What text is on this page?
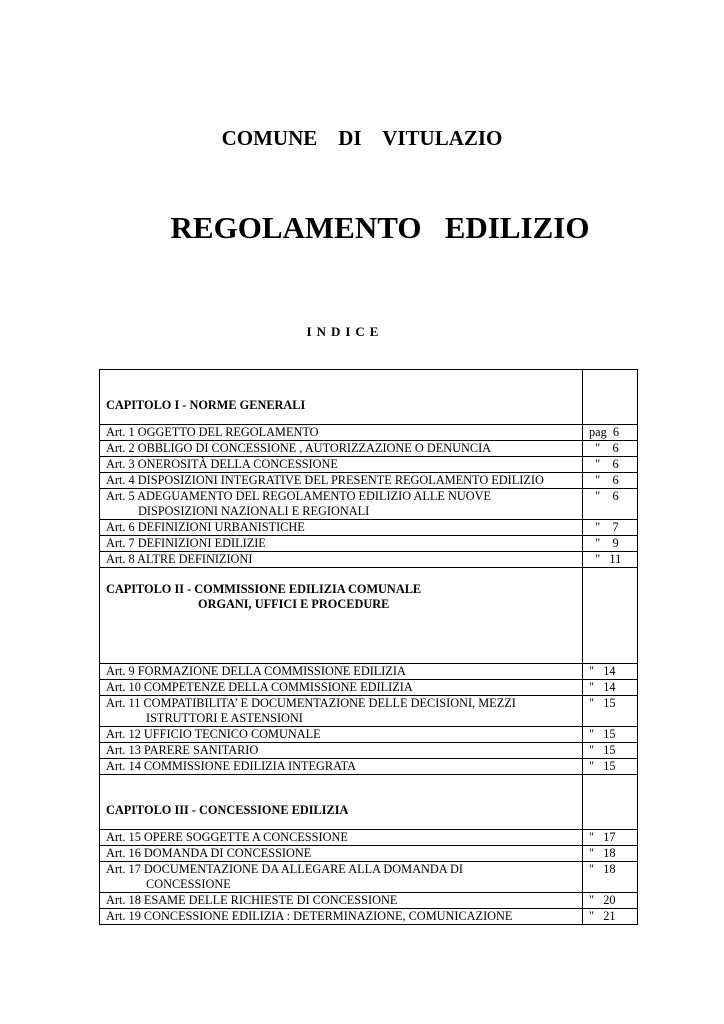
COMUNE    DI    VITULAZIO
REGOLAMENTO   EDILIZIO
INDICE
CAPITOLO I - NORME GENERALI	

Art. 1 OGGETTO DEL REGOLAMENTO	pag  6

Art. 2 OBBLIGO DI CONCESSIONE , AUTORIZZAZIONE O DENUNCIA	"    6

Art. 3 ONEROSITÀ DELLA CONCESSIONE	"    6

Art. 4 DISPOSIZIONI INTEGRATIVE DEL PRESENTE REGOLAMENTO EDILIZIO	"    6

Art. 5 ADEGUAMENTO DEL REGOLAMENTO EDILIZIO ALLE NUOVE
DISPOSIZIONI NAZIONALI E REGIONALI	"    6

Art. 6 DEFINIZIONI URBANISTICHE	"    7

Art. 7 DEFINIZIONI EDILIZIE	"    9

Art. 8 ALTRE DEFINIZIONI	"   11

CAPITOLO II - COMMISSIONE EDILIZIA COMUNALE
ORGANI, UFFICI E PROCEDURE	

Art. 9 FORMAZIONE DELLA COMMISSIONE EDILIZIA	"   14

Art. 10 COMPETENZE DELLA COMMISSIONE EDILIZIA	"   14

Art. 11 COMPATIBILITA’ E DOCUMENTAZIONE DELLE DECISIONI, MEZZI
ISTRUTTORI E ASTENSIONI	"   15

Art. 12 UFFICIO TECNICO COMUNALE	"   15

Art. 13 PARERE SANITARIO	"   15

Art. 14 COMMISSIONE EDILIZIA INTEGRATA	"   15

CAPITOLO III - CONCESSIONE EDILIZIA	

Art. 15 OPERE SOGGETTE A CONCESSIONE	"   17

Art. 16 DOMANDA DI CONCESSIONE	"   18

Art. 17 DOCUMENTAZIONE DA ALLEGARE ALLA DOMANDA DI
CONCESSIONE	"   18

Art. 18 ESAME DELLE RICHIESTE DI CONCESSIONE	"   20

Art. 19 CONCESSIONE EDILIZIA : DETERMINAZIONE, COMUNICAZIONE	"   21
